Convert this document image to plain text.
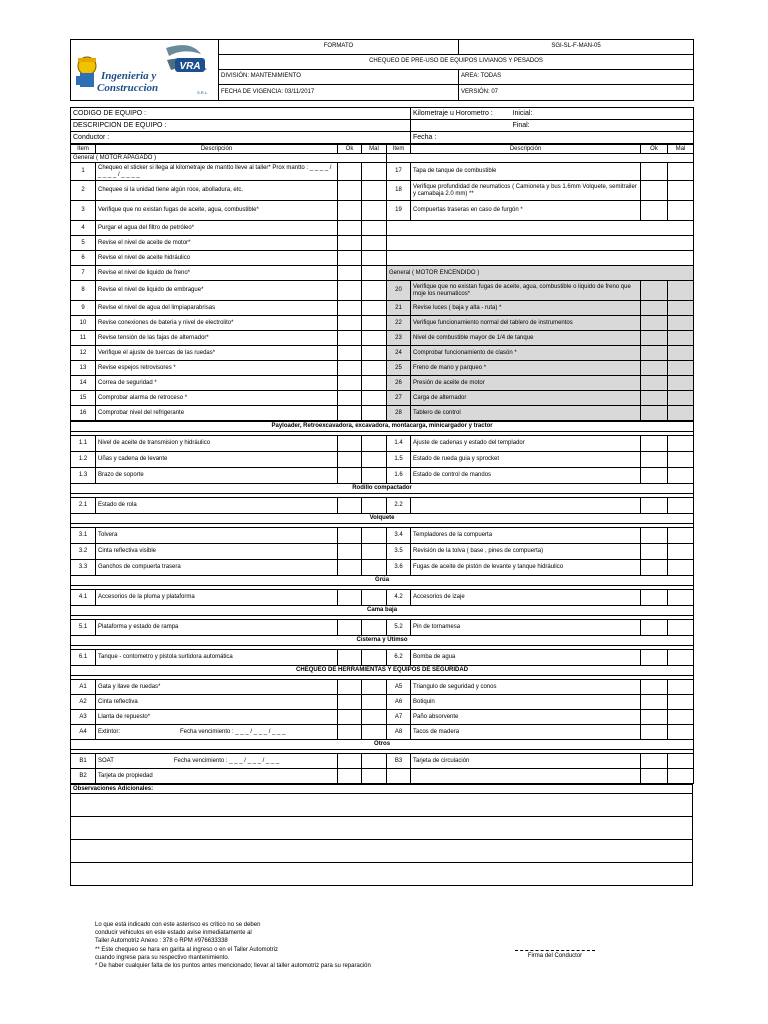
VRA
Ingenieria y
Construccion S.R.L.	FORMATO	SGI-SL-F-MAN-05
	CHEQUEO DE PRE-USO DE EQUIPOS LIVIANOS Y PESADOS	
	DIVISIÓN: MANTENIMIENTO	AREA: TODAS
	FECHA DE VIGENCIA: 03/11/2017	VERSIÓN: 07
CODIGO DE EQUIPO :	Kilometraje u Horometro :	Inicial:
DESCRIPCION DE EQUIPO :		Final:
Conductor :	Fecha :	
Item	Descripción	Ok	Mal	Item	Descripción	Ok	Mal
General ( MOTOR APAGADO )							
1	Chequeo el sticker si llega al kilometraje de mantto lleve al taller* Prox mantto : _ _ _ _ / _ _ _ _ / _ _ _ _			17	Tapa de tanque de combustible		
2	Chequee si la unidad tiene algún roce, abolladura, etc.			18	Verifique profundidad de neumaticos ( Camioneta y bus 1.6mm Volquete, semitrailer y camabaja 2.0 mm) **		
3	Verifique que no existan fugas de aceite, agua, combustible*			19	Compuertas traseras en caso de furgón *		
4	Purgar el agua del filtro de petróleo*						
5	Revise el nivel de aceite de motor*						
6	Revise el nivel de aceite hidráulico						
7	Revise el nivel de liquido de freno*			General ( MOTOR ENCENDIDO )			
8	Revise el nivel de liquido de embrague*			20	Verifique que no existan fugas de aceite, agua, combustible o liquido de freno que moje los neumaticos*		
9	Revise el nivel de agua del limpiaparabrisas			21	Revise luces ( baja y alta - ruta) *		
10	Revise conexiones de bateria y nivel de electrolito*			22	Verifique funcionamiento normal del tablero de instrumentos		
11	Revise tensión de las fajas de alternador*			23	Nivel de combustible mayor de 1/4 de tanque		
12	Verifique el ajuste de tuercas de las ruedas*			24	Comprobar funcionamiento de clasón *		
13	Revise espejos retrovisores *			25	Freno de mano y parqueo *		
14	Correa de seguridad *			26	Presión de aceite de motor		
15	Comprobar alarma de retroceso *			27	Carga de alternador		
16	Comprobar nivel del refrigerante			28	Tablero de control		
Payloader, Retroexcavadora, excavadora, montacarga, minicargador y tractor							

1.1	Nivel de aceite de transmision y hidráulico			1.4	Ajuste de cadenas y estado del templador		
1.2	Uñas y cadena de levante			1.5	Estado de rueda guia y sprocket		
1.3	Brazo de soporte			1.6	Estado de control de mandos		
Rodillo compactador							

2.1	Estado de rola			2.2			
Volquete							

3.1	Tolvera			3.4	Templadores de la compuerta		
3.2	Cinta reflectiva visible			3.5	Revisión de la tolva ( base , pines de compuerta)		
3.3	Ganchos de compuerta trasera			3.6	Fugas de aceite de pistón de levante y tanque hidráulico		
Grúa							

4.1	Accesorios de la pluma y plataforma			4.2	Accesorios de izaje		
Cama baja							

5.1	Plataforma y estado de rampa			5.2	Pin de tornamesa		
Cisterna y Utimso							

6.1	Tanque - contometro y pistola surtidora automática			6.2	Bomba de agua		
CHEQUEO DE HERRAMIENTAS Y EQUIPOS DE SEGURIDAD							

A1	Gata y llave de ruedas*			A5	Triangulo de seguridad y conos		
A2	Cinta reflectiva			A6	Botiquin		
A3	Llanta de repuesto*			A7	Paño absorvente		
A4	Extintor: Fecha vencimiento : _ _ _ / _ _ _ / _ _ _			A8	Tacos de madera		
Otros							

B1	SOAT Fecha vencimiento : _ _ _ / _ _ _ / _ _ _			B3	Tarjeta de circulación		
B2	Tarjeta de propiedad						
Observaciones Adicionales:

Lo que está indicado con este asterisco es critico no se deben
conducir vehiculos en este estado avise inmediatamente al
Taller Automotriz Anexo : 378 o RPM #976633338
** Este chequeo se hara en garita al ingreso o en el Taller Automotriz
cuando ingrese para su respectivo mantenimiento.
* De haber cualquier falta de los puntos antes mencionado; llevar al taller automotriz para su reparación
Firma del Conductor
